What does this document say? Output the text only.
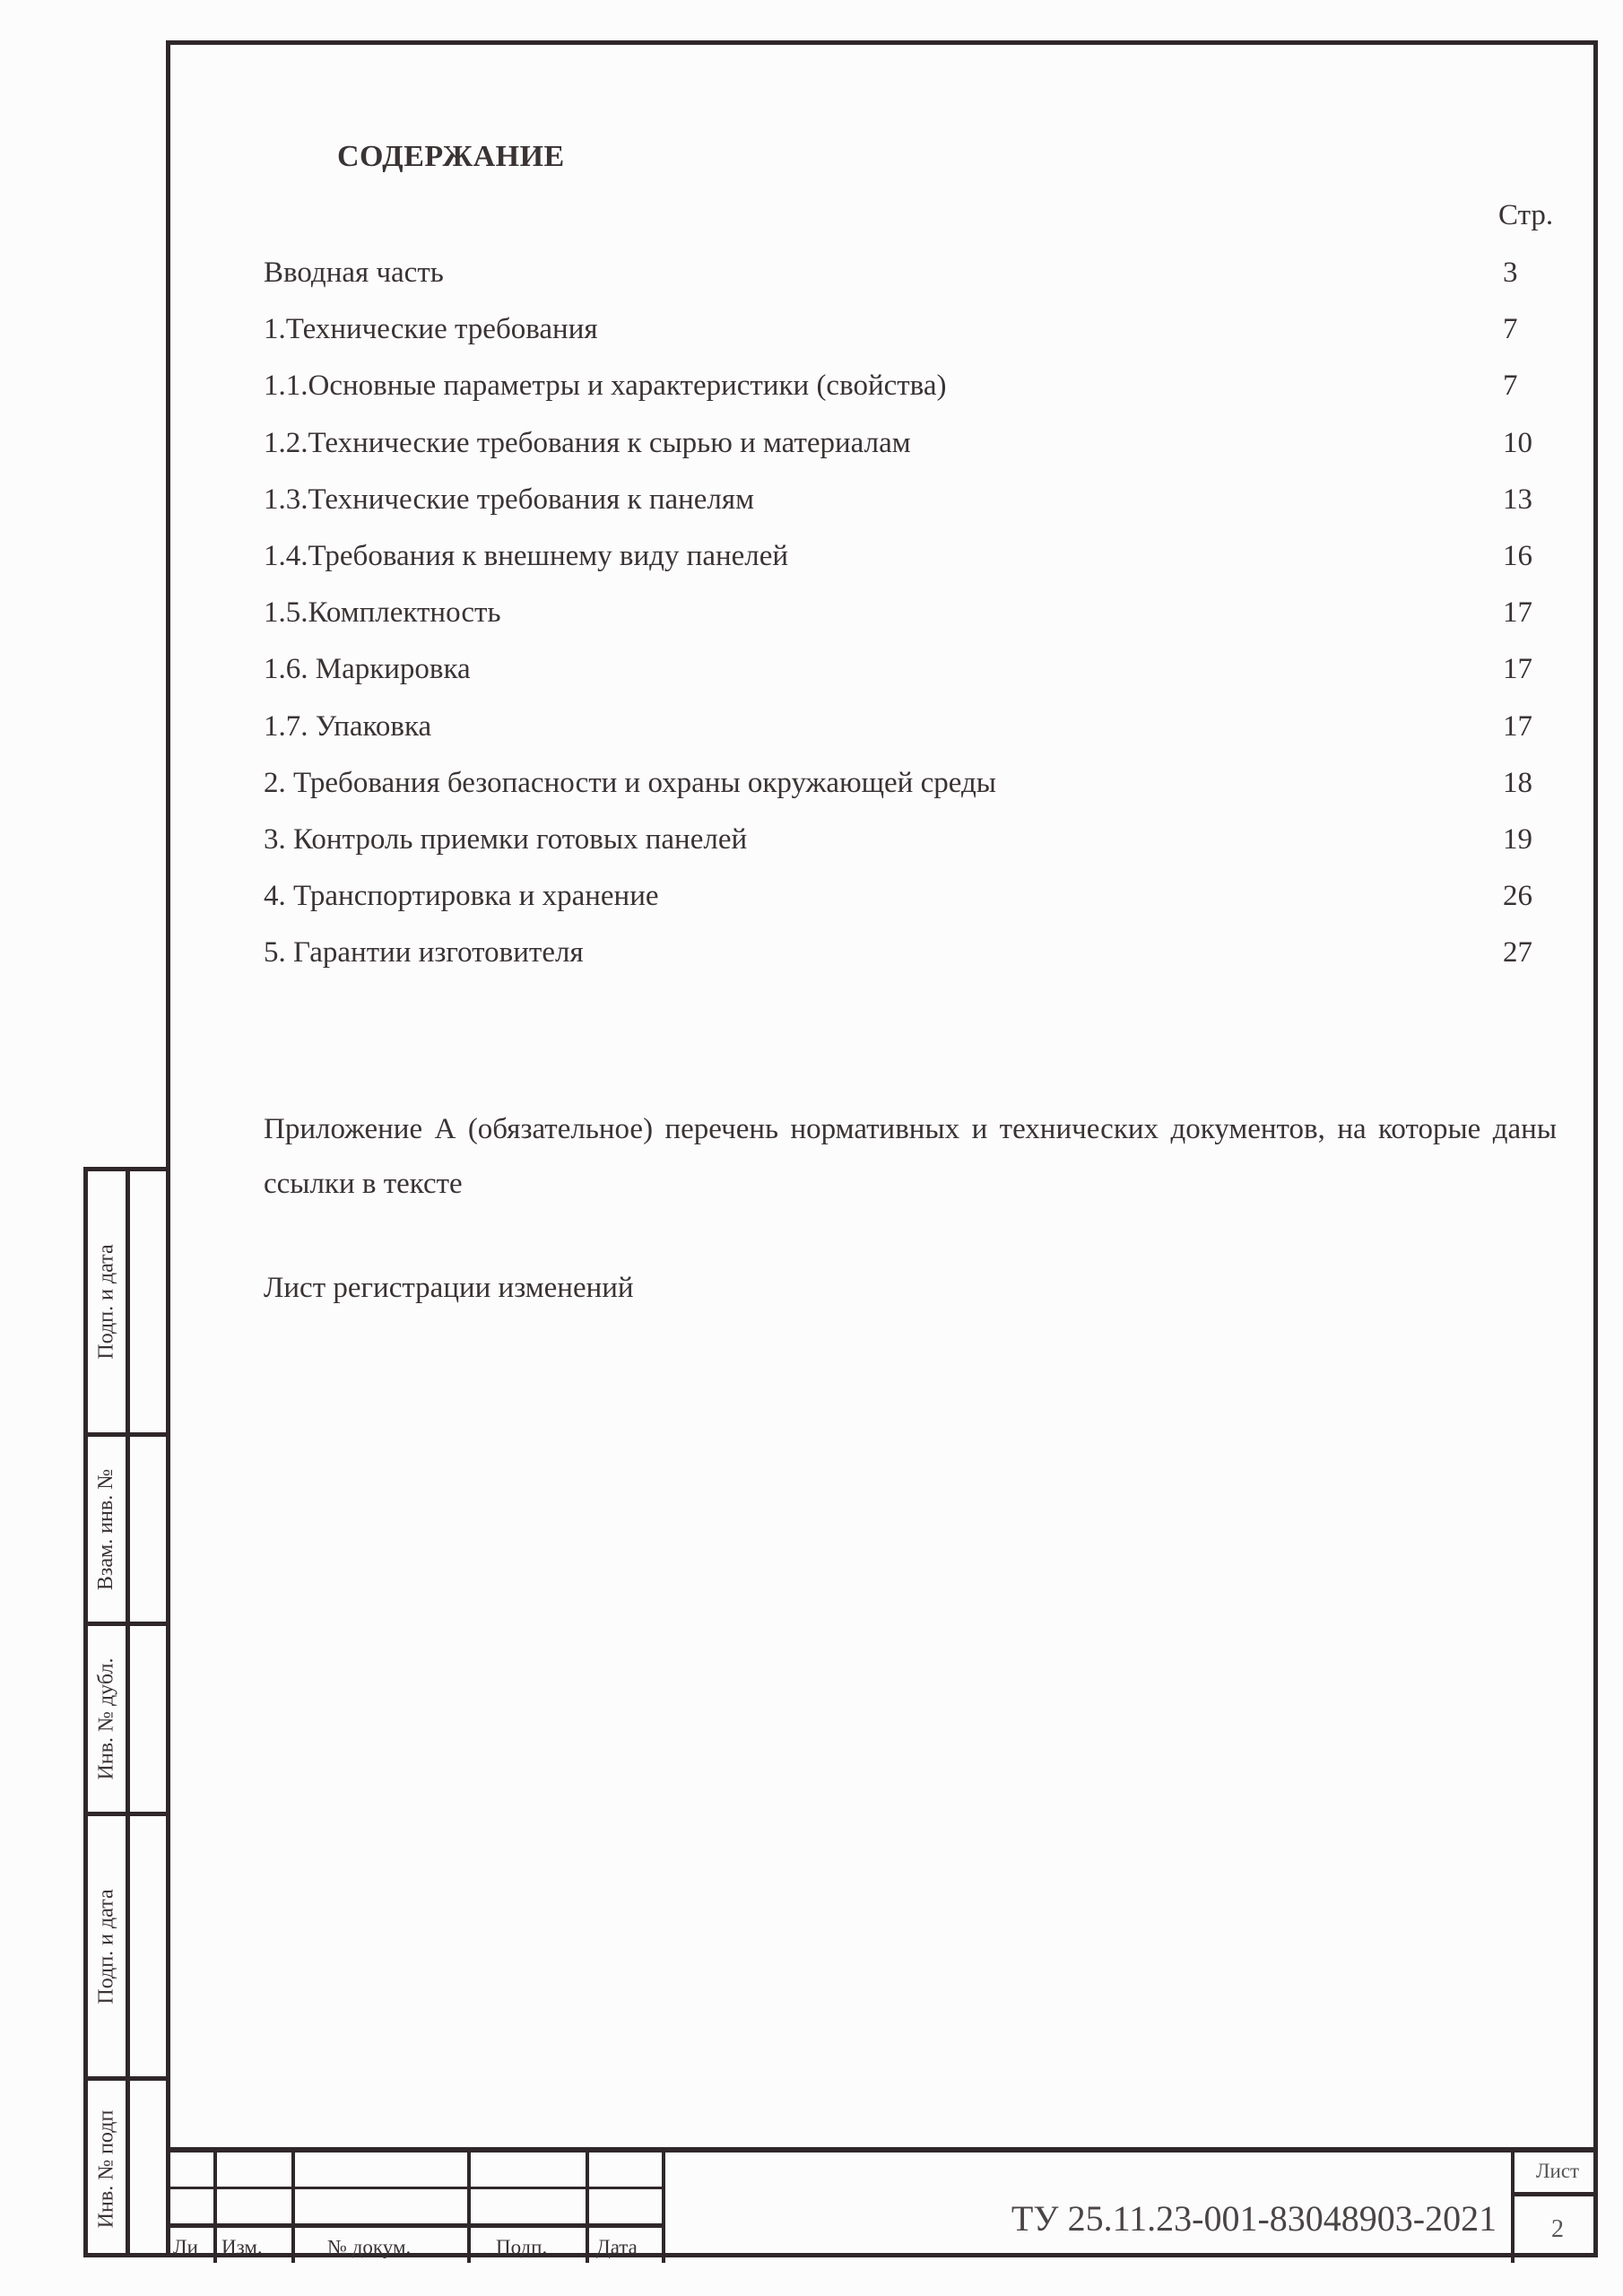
СОДЕРЖАНИЕ
Стр.
Вводная часть	3
1.Технические требования	7
1.1.Основные параметры и характеристики (свойства)	7
1.2.Технические требования к сырью и материалам	10
1.3.Технические требования к панелям	13
1.4.Требования к внешнему виду панелей	16
1.5.Комплектность	17
1.6. Маркировка	17
1.7. Упаковка	17
2. Требования безопасности и охраны окружающей среды	18
3. Контроль приемки готовых панелей	19
4. Транспортировка и хранение	26
5. Гарантии изготовителя	27
Приложение А (обязательное) перечень нормативных и технических документов, на которые даны ссылки в тексте
Лист регистрации изменений
Подп. и дата
Взам. инв. №
Инв. № дубл.
Подп. и дата
Инв. № подп
Ли Изм.	№ докум.	Подп. Дата
ТУ 25.11.23-001-83048903-2021
Лист
2
